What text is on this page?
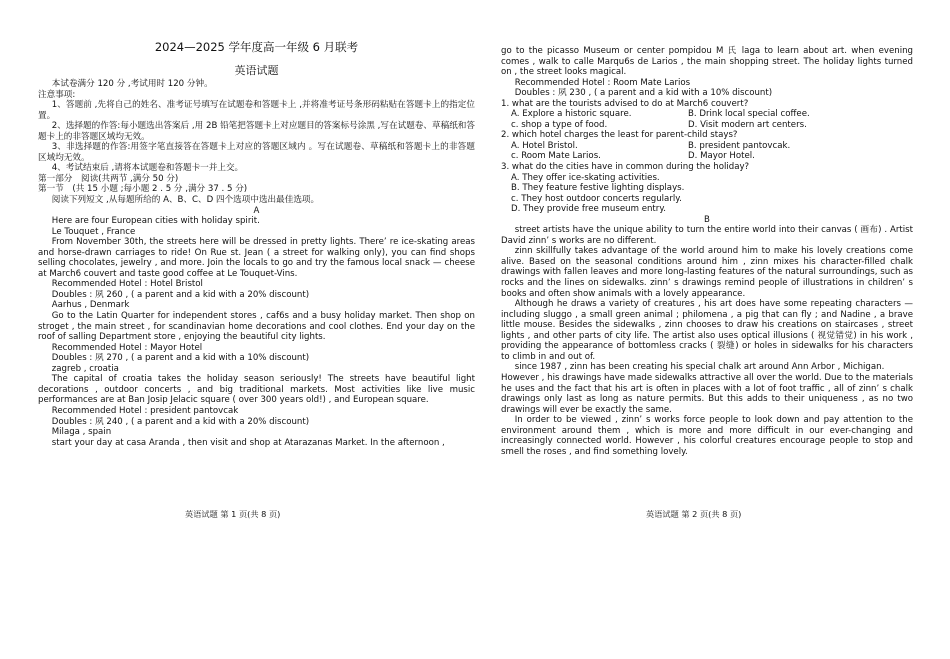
2024—2025 学年度高一年级 6 月联考
英语试题

本试卷满分 120 分 ,考试用时 120 分钟。

注意事项:

1、答题前 ,先将自己的姓名、准考证号填写在试题卷和答题卡上 ,并将准考证号条形码粘贴在答题卡上的指定位置。

2、选择题的作答:每小题选出答案后 ,用 2B 铅笔把答题卡上对应题目的答案标号涂黑 ,写在试题卷、草稿纸和答题卡上的非答题区域均无效。

3、非选择题的作答:用签字笔直接答在答题卡上对应的答题区域内 。写在试题卷、草稿纸和答题卡上的非答题区域均无效。

4、考试结束后 ,请将本试题卷和答题卡一并上交。

第一部分　阅读(共两节 ,满分 50 分)

第一节　(共 15 小题 ;每小题 2 . 5 分 ,满分 37 . 5 分)

阅读下列短文 ,从每题所给的 A、B、C、D 四个选项中选出最佳选项。

A

Here are four European cities with holiday spirit.

Le Touquet , France

From November 30th, the streets here will be dressed in pretty lights. There’ re ice-skating areas and horse-drawn carriages to ride! On Rue st. Jean ( a street for walking only), you can find shops selling chocolates, jewelry , and more. Join the locals to go and try the famous local snack — cheese at March6 couvert and taste good coffee at Le Touquet-Vins.

Recommended Hotel : Hotel Bristol

Doubles : 夙 260 , ( a parent and a kid with a 20% discount)

Aarhus , Denmark

Go to the Latin Quarter for independent stores , caf6s and a busy holiday market. Then shop on stroget , the main street , for scandinavian home decorations and cool clothes. End your day on the roof of salling Department store , enjoying the beautiful city lights.

Recommended Hotel : Mayor Hotel

Doubles : 夙 270 , ( a parent and a kid with a 10% discount)

zagreb , croatia

The capital of croatia takes the holiday season seriously! The streets have beautiful light decorations , outdoor concerts , and big traditional markets. Most activities like live music performances are at Ban Josip Jelacic square ( over 300 years old!) , and European square.

Recommended Hotel : president pantovcak

Doubles : 夙 240 , ( a parent and a kid with a 20% discount)

Milaga , spain

start your day at casa Aranda , then visit and shop at Atarazanas Market. In the afternoon ,

英语试题 第 1 页(共 8 页)

go to the picasso Museum or center pompidou M 氏 laga to learn about art. when evening comes , walk to calle Marqu6s de Larios , the main shopping street. The holiday lights turned on , the street looks magical.

Recommended Hotel : Room Mate Larios

Doubles : 夙 230 , ( a parent and a kid with a 10% discount)

1. what are the tourists advised to do at March6 couvert?

A. Explore a historic square.	B. Drink local special coffee.
c. shop a type of food.	D. Visit modern art centers.

2. which hotel charges the least for parent-child stays?

A. Hotel Bristol.	B. president pantovcak.
c. Room Mate Larios.	D. Mayor Hotel.

3. what do the cities have in common during the holiday?

A. They offer ice-skating activities.

B. They feature festive lighting displays.

c. They host outdoor concerts regularly.

D. They provide free museum entry.

B

street artists have the unique ability to turn the entire world into their canvas ( 画布) . Artist David zinn’ s works are no different.

zinn skillfully takes advantage of the world around him to make his lovely creations come alive. Based on the seasonal conditions around him , zinn mixes his character-filled chalk drawings with fallen leaves and more long-lasting features of the natural surroundings, such as rocks and the lines on sidewalks. zinn’ s drawings remind people of illustrations in children’ s books and often show animals with a lovely appearance.

Although he draws a variety of creatures , his art does have some repeating characters — including sluggo , a small green animal ; philomena , a pig that can fly ; and Nadine , a brave little mouse. Besides the sidewalks , zinn chooses to draw his creations on staircases , street lights , and other parts of city life. The artist also uses optical illusions ( 视觉错觉) in his work , providing the appearance of bottomless cracks ( 裂缝) or holes in sidewalks for his characters to climb in and out of.

since 1987 , zinn has been creating his special chalk art around Ann Arbor , Michigan.

However , his drawings have made sidewalks attractive all over the world. Due to the materials he uses and the fact that his art is often in places with a lot of foot traffic , all of zinn’ s chalk drawings only last as long as nature permits. But this adds to their uniqueness , as no two drawings will ever be exactly the same.

In order to be viewed , zinn’ s works force people to look down and pay attention to the environment around them , which is more and more difficult in our ever-changing and increasingly connected world. However , his colorful creatures encourage people to stop and smell the roses , and find something lovely.

英语试题 第 2 页(共 8 页)
